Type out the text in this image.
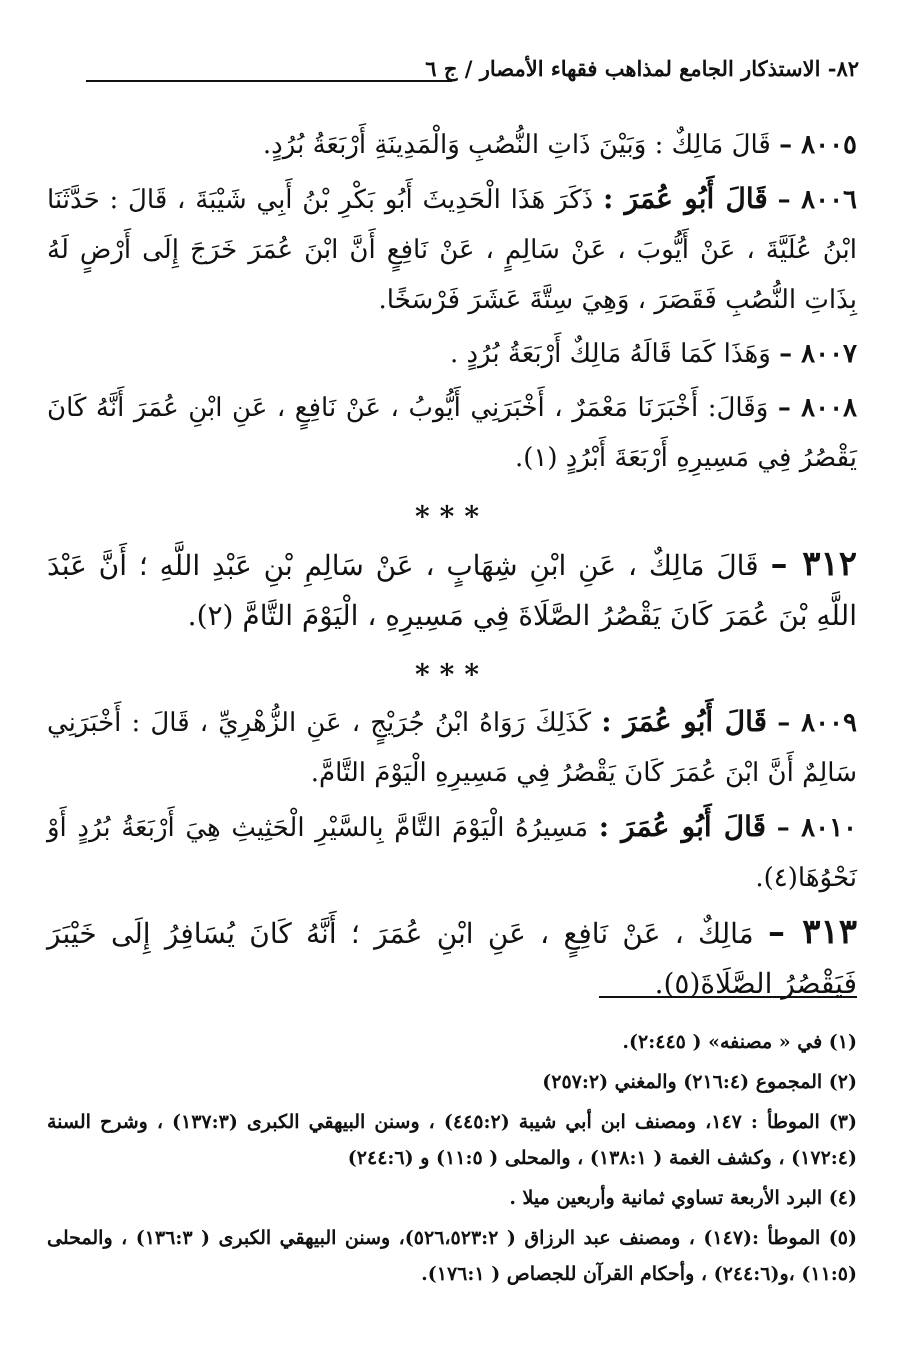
٨٢- الاستذكار الجامع لمذاهب فقهاء الأمصار / ج ٦

٨٠٠٥ – قَالَ مَالِكٌ : وَبَيْنَ ذَاتِ النُّصُبِ وَالْمَدِينَةِ أَرْبَعَةُ بُرُدٍ.

٨٠٠٦ – قَالَ أَبُو عُمَرَ : ذَكَرَ هَذَا الْحَدِيثَ أَبُو بَكْرِ بْنُ أَبِي شَيْبَةَ ، قَالَ : حَدَّثَنَا ابْنُ عُلَيَّةَ ، عَنْ أَيُّوبَ ، عَنْ سَالِمٍ ، عَنْ نَافِعٍ أَنَّ ابْنَ عُمَرَ خَرَجَ إِلَى أَرْضٍ لَهُ بِذَاتِ النُّصُبِ فَقَصَرَ ، وَهِيَ سِتَّةَ عَشَرَ فَرْسَخًا.

٨٠٠٧ – وَهَذَا كَمَا قَالَهُ مَالِكٌ أَرْبَعَةُ بُرُدٍ .

٨٠٠٨ – وَقَالَ: أَخْبَرَنَا مَعْمَرٌ ، أَخْبَرَنِي أَيُّوبُ ، عَنْ نَافِعٍ ، عَنِ ابْنِ عُمَرَ أَنَّهُ كَانَ يَقْصُرُ فِي مَسِيرِهِ أَرْبَعَةَ أَبْرُدٍ (١).

***

٣١٢ – قَالَ مَالِكٌ ، عَنِ ابْنِ شِهَابٍ ، عَنْ سَالِمِ بْنِ عَبْدِ اللَّهِ ؛ أَنَّ عَبْدَ اللَّهِ بْنَ عُمَرَ كَانَ يَقْصُرُ الصَّلَاةَ فِي مَسِيرِهِ ، الْيَوْمَ التَّامَّ (٢).

***

٨٠٠٩ – قَالَ أَبُو عُمَرَ : كَذَلِكَ رَوَاهُ ابْنُ جُرَيْجٍ ، عَنِ الزُّهْرِيِّ ، قَالَ : أَخْبَرَنِي سَالِمٌ أَنَّ ابْنَ عُمَرَ كَانَ يَقْصُرُ فِي مَسِيرِهِ الْيَوْمَ التَّامَّ.

٨٠١٠ – قَالَ أَبُو عُمَرَ : مَسِيرُهُ الْيَوْمَ التَّامَّ بِالسَّيْرِ الْحَثِيثِ هِيَ أَرْبَعَةُ بُرُدٍ أَوْ نَحْوُهَا(٤).

٣١٣ – مَالِكٌ ، عَنْ نَافِعٍ ، عَنِ ابْنِ عُمَرَ ؛ أَنَّهُ كَانَ يُسَافِرُ إِلَى خَيْبَرَ فَيَقْصُرُ الصَّلَاةَ(٥).

(١) في « مصنفه» ( ٢:٤٤٥).

(٢) المجموع (٢١٦:٤) والمغني (٢٥٧:٢)

(٣) الموطأ : ١٤٧، ومصنف ابن أبي شيبة (٤٤٥:٢) ، وسنن البيهقي الكبرى (١٣٧:٣) ، وشرح السنة (١٧٢:٤) ، وكشف الغمة ( ١٣٨:١) ، والمحلى ( ١١:٥) و (٢٤٤:٦)

(٤) البرد الأربعة تساوي ثمانية وأربعين ميلا .

(٥) الموطأ :(١٤٧) ، ومصنف عبد الرزاق ( ٥٢٦،٥٢٣:٢)، وسنن البيهقي الكبرى ( ١٣٦:٣) ، والمحلى (١١:٥) ،و(٢٤٤:٦) ، وأحكام القرآن للجصاص ( ١٧٦:١).
